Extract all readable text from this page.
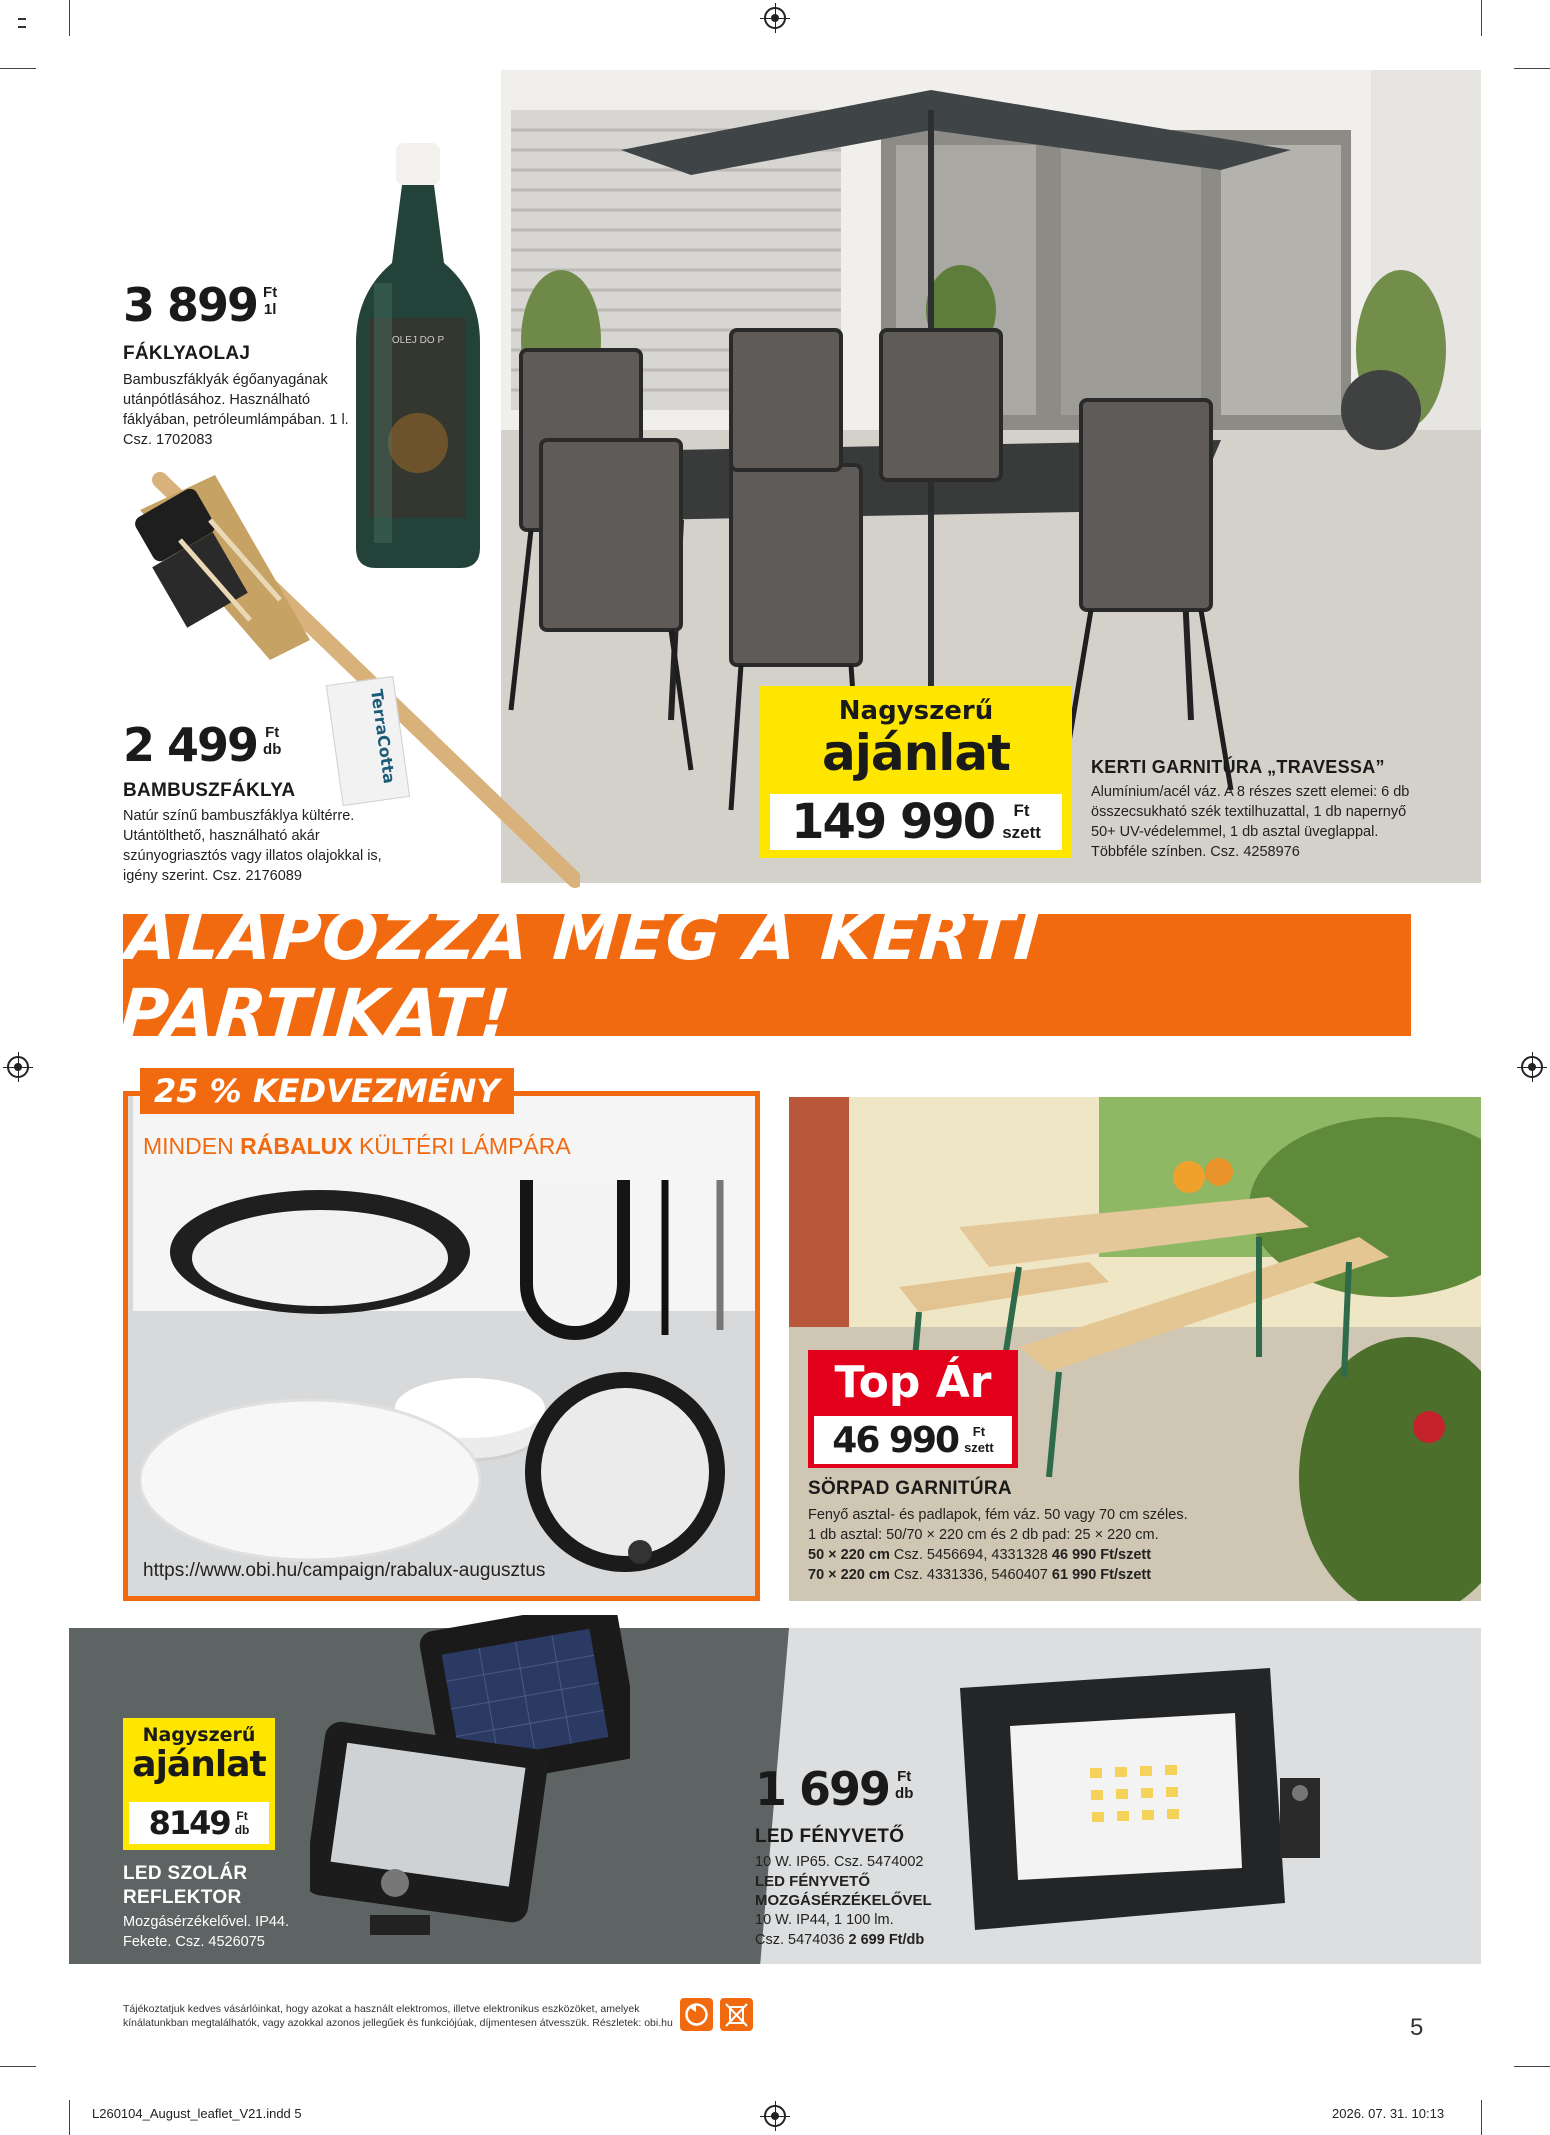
OLEJ DO P
TerraCotta
3 899 Ft
1l
FÁKLYAOLAJ
Bambuszfáklyák égőanyagának
utánpótlásához. Használható
fáklyában, petróleumlámpában. 1 l.
Csz. 1702083
2 499 Ft
db
BAMBUSZFÁKLYA
Natúr színű bambuszfáklya kültérre.
Utántölthető, használható akár
szúnyogriasztós vagy illatos olajokkal is,
igény szerint. Csz. 2176089
Nagyszerű
ajánlat
149 990	Ft
szett
KERTI GARNITÚRA „TRAVESSA”
Alumínium/acél váz. A 8 részes szett elemei: 6 db
összecsukható szék textilhuzattal, 1 db napernyő
50+ UV-védelemmel, 1 db asztal üveglappal.
Többféle színben. Csz. 4258976
ALAPOZZA MEG A KERTI PARTIKAT!
25 % KEDVEZMÉNY
MINDEN RÁBALUX KÜLTÉRI LÁMPÁRA
https://www.obi.hu/campaign/rabalux-augusztus
Top Ár
46 990	Ft
szett
SÖRPAD GARNITÚRA
Fenyő asztal- és padlapok, fém váz. 50 vagy 70 cm széles.
1 db asztal: 50/70 × 220 cm és 2 db pad: 25 × 220 cm.
50 × 220 cm Csz. 5456694, 4331328 46 990 Ft/szett
70 × 220 cm Csz. 4331336, 5460407 61 990 Ft/szett
Nagyszerű
ajánlat
8149 Ft
db
LED SZOLÁR
REFLEKTOR
Mozgásérzékelővel. IP44.
Fekete. Csz. 4526075
1 699 Ft
db
LED FÉNYVETŐ
10 W. IP65. Csz. 5474002
LED FÉNYVETŐ
MOZGÁSÉRZÉKELŐVEL
10 W. IP44, 1 100 lm.
Csz. 5474036 2 699 Ft/db
Tájékoztatjuk kedves vásárlóinkat, hogy azokat a használt elektromos, illetve elektronikus eszközöket, amelyek
kínálatunkban megtalálhatók, vagy azokkal azonos jellegűek és funkciójúak, díjmentesen átvesszük. Részletek: obi.hu	5
L260104_August_leaflet_V21.indd 5	2026. 07. 31. 10:13
